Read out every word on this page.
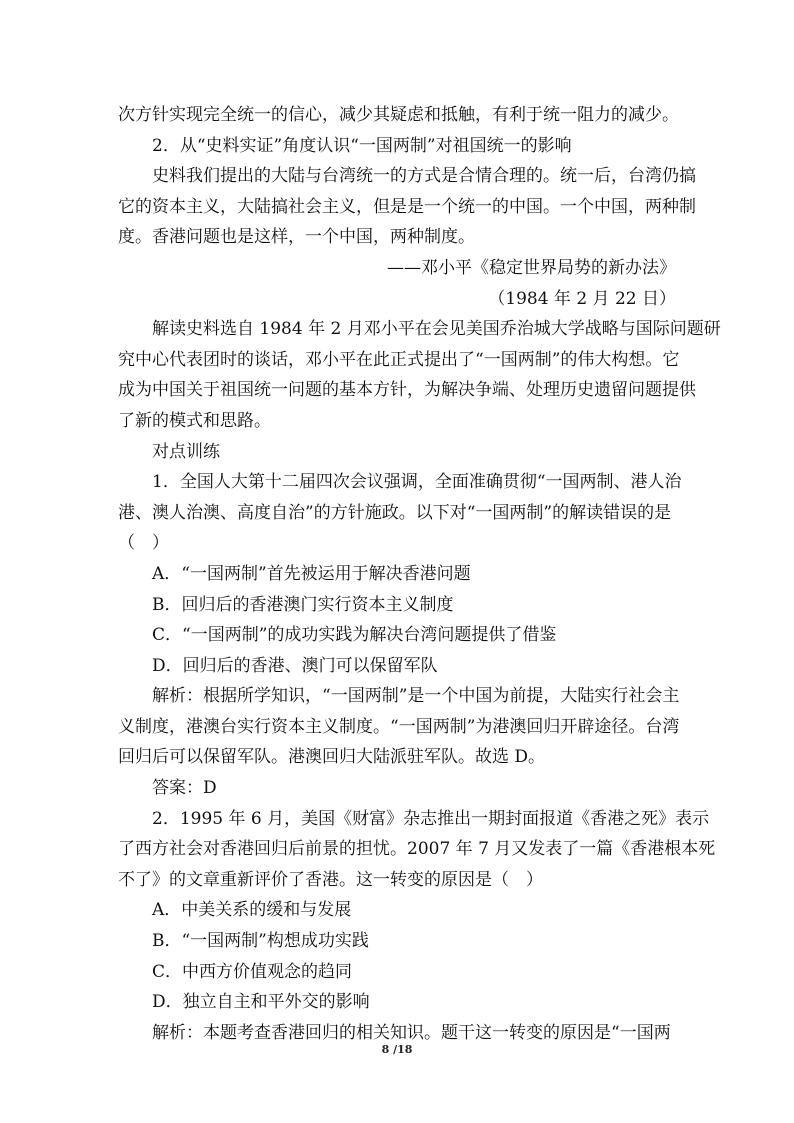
次方针实现完全统一的信心，减少其疑虑和抵触，有利于统一阻力的减少。
2．从“史料实证”角度认识“一国两制”对祖国统一的影响
史料我们提出的大陆与台湾统一的方式是合情合理的。统一后，台湾仍搞
它的资本主义，大陆搞社会主义，但是是一个统一的中国。一个中国，两种制
度。香港问题也是这样，一个中国，两种制度。
——邓小平《稳定世界局势的新办法》
（1984 年 2 月 22 日）
解读史料选自 1984 年 2 月邓小平在会见美国乔治城大学战略与国际问题研
究中心代表团时的谈话，邓小平在此正式提出了“一国两制”的伟大构想。它
成为中国关于祖国统一问题的基本方针，为解决争端、处理历史遗留问题提供
了新的模式和思路。
对点训练
1．全国人大第十二届四次会议强调，全面准确贯彻“一国两制、港人治
港、澳人治澳、高度自治”的方针施政。以下对“一国两制”的解读错误的是
（　）
A．“一国两制”首先被运用于解决香港问题
B．回归后的香港澳门实行资本主义制度
C．“一国两制”的成功实践为解决台湾问题提供了借鉴
D．回归后的香港、澳门可以保留军队
解析：根据所学知识，“一国两制”是一个中国为前提，大陆实行社会主
义制度，港澳台实行资本主义制度。“一国两制”为港澳回归开辟途径。台湾
回归后可以保留军队。港澳回归大陆派驻军队。故选 D。
答案：D
2．1995 年 6 月，美国《财富》杂志推出一期封面报道《香港之死》表示
了西方社会对香港回归后前景的担忧。2007 年 7 月又发表了一篇《香港根本死
不了》的文章重新评价了香港。这一转变的原因是（　）
A．中美关系的缓和与发展
B．“一国两制”构想成功实践
C．中西方价值观念的趋同
D．独立自主和平外交的影响
解析：本题考查香港回归的相关知识。题干这一转变的原因是“一国两
8 /18
